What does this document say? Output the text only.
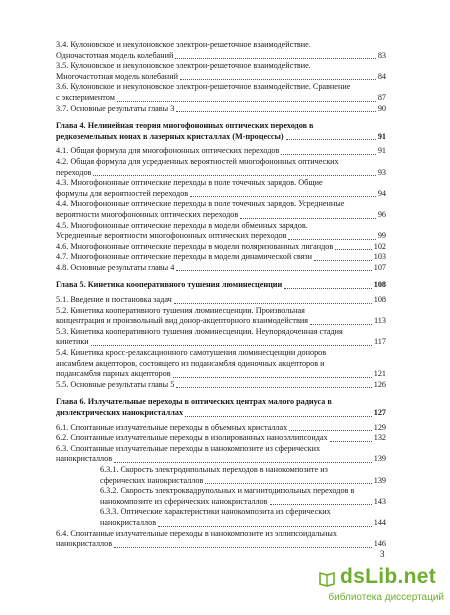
3.4. Кулоновское и некулоновское электрон-решеточное взаимодействие.
Одночастотная модель колебаний	83
3.5. Кулоновское и некулоновское электрон-решеточное взаимодействие.
Многочастотная модель колебаний	84
3.6. Кулоновское и некулоновское электрон-решеточное взаимодействие. Сравнение
с экспериментом	87
3.7. Основные результаты главы 3	90
Глава 4. Нелинейная теория многофононных оптических переходов в
редкоземельных ионах в лазерных кристаллах (М-процессы)	91
4.1. Общая формула для многофононных оптических переходов	91
4.2. Общая формула для усредненных вероятностей многофононных оптических
переходов	93
4.3. Многофононные оптические переходы в поле точечных зарядов. Общие
формулы для вероятностей переходов	94
4.4. Многофононные оптические переходы в поле точечных зарядов. Усредненные
вероятности многофононных оптических переходов	96
4.5. Многофононные оптические переходы в модели обменных зарядов.
Усредненные вероятности многофононных оптических переходов	99
4.6. Многофононные оптические переходы в модели поляризованных лигандов	102
4.7. Многофононные оптические переходы в модели динамической связи	103
4.8. Основные результаты главы 4	107
Глава 5. Кинетика кооперативного тушения люминесценции	108
5.1. Введение и постановка задач	108
5.2. Кинетика кооперативного тушения люминесценции. Произвольная
концентрация и произвольный вид донор-акцепторного взаимодействия	113
5.3. Кинетика кооперативного тушения люминесценции. Неупорядоченная стадия
кинетики	117
5.4. Кинетика кросс-релаксационного самотушения люминесценции доноров
ансамблем акцепторов, состоящего из подансамбля одиночных акцепторов и
подансамбля парных акцепторов	121
5.5. Основные результаты главы 5	126
Глава 6. Излучательные переходы в оптических центрах малого радиуса в
диэлектрических нанокристаллах	127
6.1. Спонтанные излучательные переходы в объемных кристаллах	129
6.2. Спонтанные излучательные переходы в изолированных наноэллипсоидах	132
6.3. Спонтанные излучательные переходы в нанокомпозите из сферических
нанокристаллов	139
6.3.1. Скорость электродипольных переходов в нанокомпозите из
сферических нанокристаллов	139
6.3.2. Скорость электроквадрупольных и магнитодипольных переходов в
нанокомпозите из сферических нанокристаллов	143
6.3.3. Оптические характеристики нанокомпозита из сферических
нанокристаллов	144
6.4. Спонтанные излучательные переходы в нанокомпозите из эллипсоидальных
нанокристаллов	146
3
dsLib.net
библиотека диссертаций
